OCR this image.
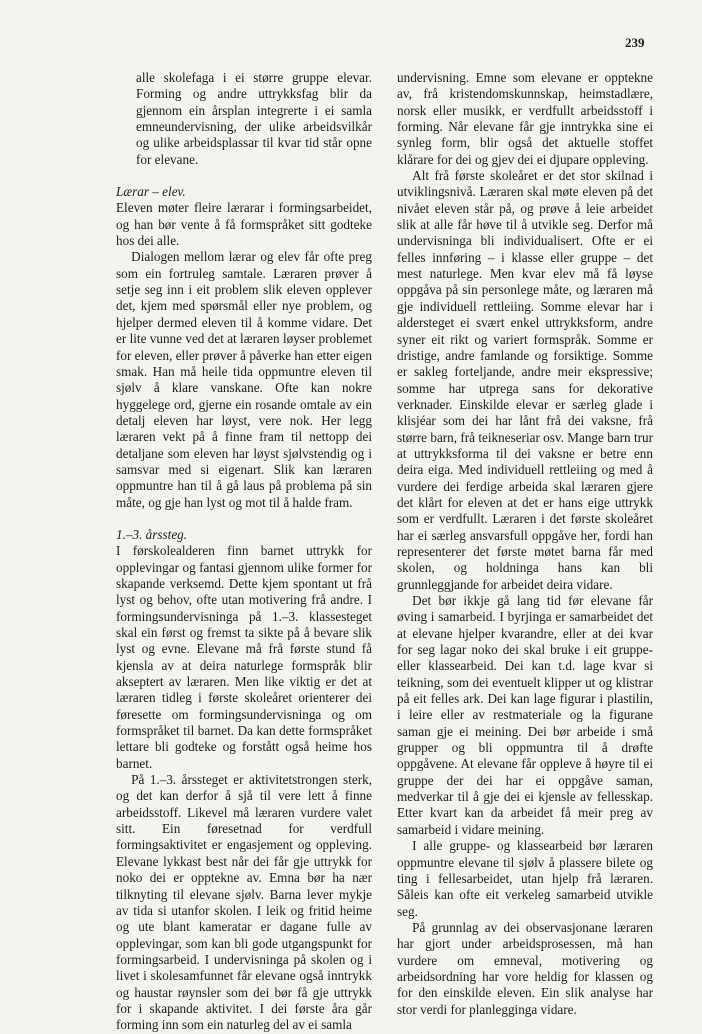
239

alle skolefaga i ei større gruppe elevar. Forming og andre uttrykksfag blir da gjennom ein årsplan integrerte i ei samla emneundervisning, der ulike arbeidsvilkår og ulike arbeidsplassar til kvar tid står opne for elevane.

Lærar – elev.

Eleven møter fleire lærarar i formingsarbeidet, og han bør vente å få formspråket sitt godteke hos dei alle.

Dialogen mellom lærar og elev får ofte preg som ein fortruleg samtale. Læraren prøver å setje seg inn i eit problem slik eleven opplever det, kjem med spørsmål eller nye problem, og hjelper dermed eleven til å komme vidare. Det er lite vunne ved det at læraren løyser problemet for eleven, eller prøver å påverke han etter eigen smak. Han må heile tida oppmuntre eleven til sjølv å klare vanskane. Ofte kan nokre hyggelege ord, gjerne ein rosande omtale av ein detalj eleven har løyst, vere nok. Her legg læraren vekt på å finne fram til nettopp dei detaljane som eleven har løyst sjølvstendig og i samsvar med si eigenart. Slik kan læraren oppmuntre han til å gå laus på problema på sin måte, og gje han lyst og mot til å halde fram.

1.–3. årssteg.

I førskolealderen finn barnet uttrykk for opplevingar og fantasi gjennom ulike former for skapande verksemd. Dette kjem spontant ut frå lyst og behov, ofte utan motivering frå andre. I formingsundervisninga på 1.–3. klassesteget skal ein først og fremst ta sikte på å bevare slik lyst og evne. Elevane må frå første stund få kjensla av at deira naturlege formspråk blir akseptert av læraren. Men like viktig er det at læraren tidleg i første skoleåret orienterer dei føresette om formingsundervisninga og om formspråket til barnet. Da kan dette formspråket lettare bli godteke og forstått også heime hos barnet.

På 1.–3. årssteget er aktivitetstrongen sterk, og det kan derfor å sjå til vere lett å finne arbeidsstoff. Likevel må læraren vurdere valet sitt. Ein føresetnad for verdfull formingsaktivitet er engasjement og oppleving. Elevane lykkast best når dei får gje uttrykk for noko dei er opptekne av. Emna bør ha nær tilknyting til elevane sjølv. Barna lever mykje av tida si utanfor skolen. I leik og fritid heime og ute blant kameratar er dagane fulle av opplevingar, som kan bli gode utgangspunkt for formingsarbeid. I undervisninga på skolen og i livet i skolesamfunnet får elevane også inntrykk og haustar røynsler som dei bør få gje uttrykk for i skapande aktivitet. I dei første åra går forming inn som ein naturleg del av ei samla

undervisning. Emne som elevane er opptekne av, frå kristendomskunnskap, heimstadlære, norsk eller musikk, er verdfullt arbeidsstoff i forming. Når elevane får gje inntrykka sine ei synleg form, blir også det aktuelle stoffet klårare for dei og gjev dei ei djupare oppleving.

Alt frå første skoleåret er det stor skilnad i utviklingsnivå. Læraren skal møte eleven på det nivået eleven står på, og prøve å leie arbeidet slik at alle får høve til å utvikle seg. Derfor må undervisninga bli individualisert. Ofte er ei felles innføring – i klasse eller gruppe – det mest naturlege. Men kvar elev må få løyse oppgåva på sin personlege måte, og læraren må gje individuell rettleiing. Somme elevar har i aldersteget ei svært enkel uttrykksform, andre syner eit rikt og variert formspråk. Somme er dristige, andre famlande og forsiktige. Somme er sakleg forteljande, andre meir ekspressive; somme har utprega sans for dekorative verknader. Einskilde elevar er særleg glade i klisjéar som dei har lånt frå dei vaksne, frå større barn, frå teikneseriar osv. Mange barn trur at uttrykksforma til dei vaksne er betre enn deira eiga. Med individuell rettleiing og med å vurdere dei ferdige arbeida skal læraren gjere det klårt for eleven at det er hans eige uttrykk som er verdfullt. Læraren i det første skoleåret har ei særleg ansvarsfull oppgåve her, fordi han representerer det første møtet barna får med skolen, og holdninga hans kan bli grunnleggjande for arbeidet deira vidare.

Det bør ikkje gå lang tid før elevane får øving i samarbeid. I byrjinga er samarbeidet det at elevane hjelper kvarandre, eller at dei kvar for seg lagar noko dei skal bruke i eit gruppe- eller klassearbeid. Dei kan t.d. lage kvar si teikning, som dei eventuelt klipper ut og klistrar på eit felles ark. Dei kan lage figurar i plastilin, i leire eller av restmateriale og la figurane saman gje ei meining. Dei bør arbeide i små grupper og bli oppmuntra til å drøfte oppgåvene. At elevane får oppleve å høyre til ei gruppe der dei har ei oppgåve saman, medverkar til å gje dei ei kjensle av fellesskap. Etter kvart kan da arbeidet få meir preg av samarbeid i vidare meining.

I alle gruppe- og klassearbeid bør læraren oppmuntre elevane til sjølv å plassere bilete og ting i fellesarbeidet, utan hjelp frå læraren. Såleis kan ofte eit verkeleg samarbeid utvikle seg.

På grunnlag av dei observasjonane læraren har gjort under arbeidsprosessen, må han vurdere om emneval, motivering og arbeidsordning har vore heldig for klassen og for den einskilde eleven. Ein slik analyse har stor verdi for planlegginga vidare.
